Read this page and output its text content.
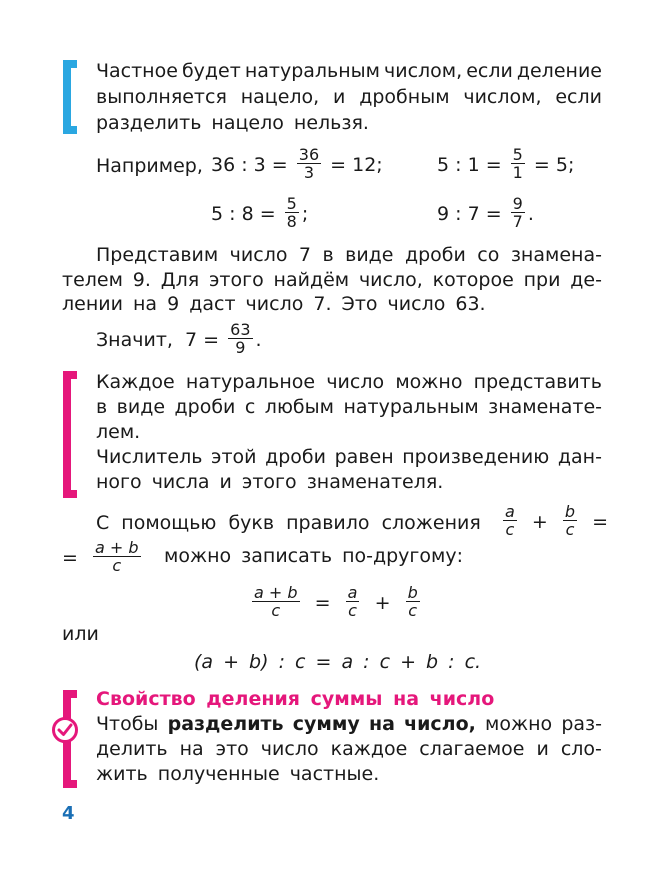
Частное будет натуральным числом, если деление
выполняется нацело, и дробным числом, если
разделить нацело нельзя.
Например, 36 : $3 = \frac{36}{3} = 12$;	5 : $1 = \frac{5}{1} = 5$;
5 : $8 = \frac{5}{8}$ ;	9 : $7 = \frac{9}{7}$ .
Представим число 7 в виде дроби со знамена-
телем 9. Для этого найдём число, которое при де-
лении на 9 даст число 7. Это число 63.
Значит, $7 = \frac{63}{9}$ .
Каждое натуральное число можно представить
в виде дроби с любым натуральным знаменате-
лем.
Числитель этой дроби равен произведению дан-
ного числа и этого знаменателя.
С помощью букв правило сложения $\frac{a}{c} + \frac{b}{c}$ =
= $\frac{a + b}{c}$ можно записать по-другому:
$\frac{a + b}{c} = \frac{a}{c} + \frac{b}{c}$
или
(a + b) : c = a : c + b : c.
Свойство деления суммы на число
Чтобы разделить сумму на число, можно раз-
делить на это число каждое слагаемое и сло-
жить полученные частные.
4
